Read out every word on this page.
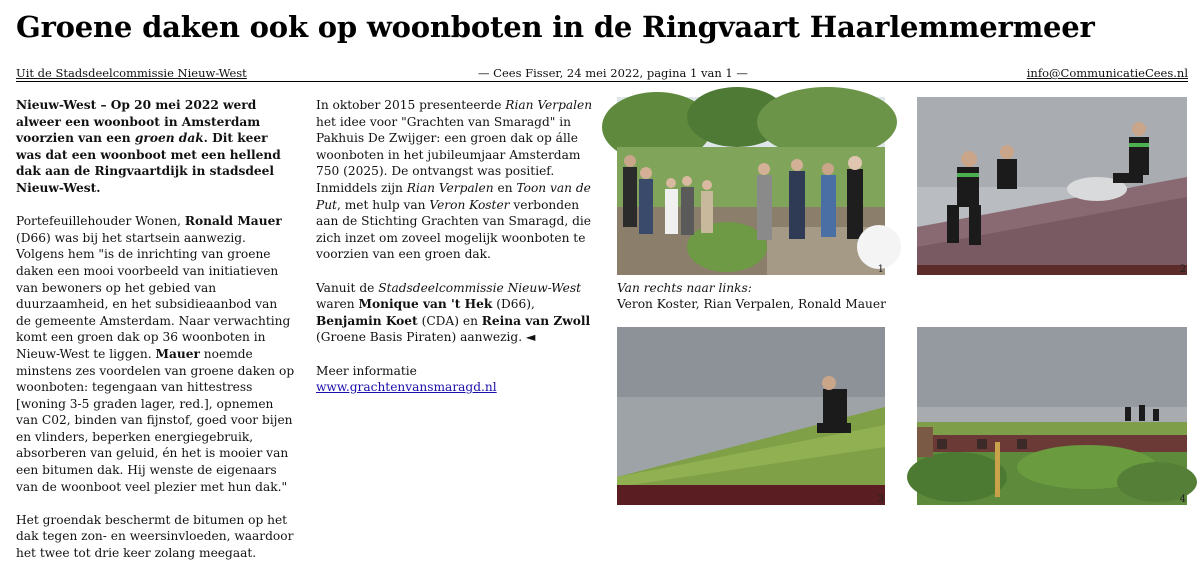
Groene daken ook op woonboten in de Ringvaart Haarlemmermeer
Uit de Stadsdeelcommissie Nieuw-West	— Cees Fisser, 24 mei 2022, pagina 1 van 1 —	info@CommunicatieCees.nl

Nieuw-West – Op 20 mei 2022 werd alweer een woonboot in Amsterdam voorzien van een groen dak. Dit keer was dat een woonboot met een hellend dak aan de Ringvaartdijk in stadsdeel Nieuw-West.

Portefeuillehouder Wonen, Ronald Mauer (D66) was bij het startsein aanwezig. Volgens hem "is de inrichting van groene daken een mooi voorbeeld van initiatieven van bewoners op het gebied van duurzaamheid, en het subsidieaanbod van de gemeente Amsterdam. Naar verwachting komt een groen dak op 36 woonboten in Nieuw-West te liggen. Mauer noemde minstens zes voordelen van groene daken op woonboten: tegengaan van hittestress [woning 3-5 graden lager, red.], opnemen van C02, binden van fijnstof, goed voor bijen en vlinders, beperken energiegebruik, absorberen van geluid, én het is mooier van een bitumen dak. Hij wenste de eigenaars van de woonboot veel plezier met hun dak."

Het groendak beschermt de bitumen op het dak tegen zon- en weersinvloeden, waardoor het twee tot drie keer zolang meegaat.

In oktober 2015 presenteerde Rian Verpalen het idee voor "Grachten van Smaragd" in Pakhuis De Zwijger: een groen dak op álle woonboten in het jubileumjaar Amsterdam 750 (2025). De ontvangst was positief. Inmiddels zijn Rian Verpalen en Toon van de Put, met hulp van Veron Koster verbonden aan de Stichting Grachten van Smaragd, die zich inzet om zoveel mogelijk woonboten te voorzien van een groen dak.

Vanuit de Stadsdeelcommissie Nieuw-West waren Monique van 't Hek (D66), Benjamin Koet (CDA) en Reina van Zwoll (Groene Basis Piraten) aanwezig. ◄

Meer informatie www.grachtenvansmaragd.nl

1	2
Van rechts naar links:
Veron Koster, Rian Verpalen, Ronald Mauer
3	4
